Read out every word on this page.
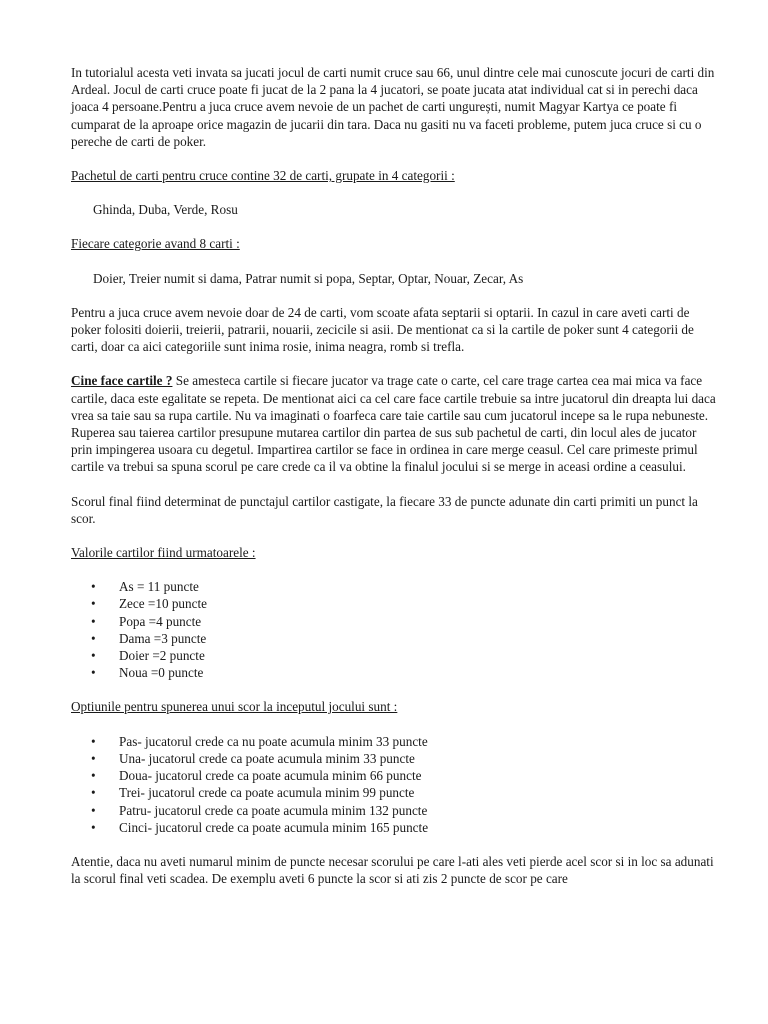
In tutorialul acesta veti invata sa jucati jocul de carti numit cruce sau 66, unul dintre cele mai cunoscute jocuri de carti din Ardeal. Jocul de carti cruce poate fi jucat de la 2 pana la 4 jucatori, se poate jucata atat individual cat si in perechi daca joaca 4 persoane.Pentru a juca cruce avem nevoie de un pachet de carti ungurești, numit Magyar Kartya ce poate fi cumparat de la aproape orice magazin de jucarii din tara. Daca nu gasiti nu va faceti probleme, putem juca cruce si cu o pereche de carti de poker.

Pachetul de carti pentru cruce contine 32 de carti, grupate in 4 categorii :

Ghinda, Duba, Verde, Rosu

Fiecare categorie avand 8 carti :

Doier, Treier numit si dama, Patrar numit si popa, Septar, Optar, Nouar, Zecar, As

Pentru a juca cruce avem nevoie doar de 24 de carti, vom scoate afata septarii si optarii. In cazul in care aveti carti de poker folositi doierii, treierii, patrarii, nouarii, zecicile si asii. De mentionat ca si la cartile de poker sunt 4 categorii de carti, doar ca aici categoriile sunt inima rosie, inima neagra, romb si trefla.

Cine face cartile ? Se amesteca cartile si fiecare jucator va trage cate o carte, cel care trage cartea cea mai mica va face cartile, daca este egalitate se repeta. De mentionat aici ca cel care face cartile trebuie sa intre jucatorul din dreapta lui daca vrea sa taie sau sa rupa cartile. Nu va imaginati o foarfeca care taie cartile sau cum jucatorul incepe sa le rupa nebuneste. Ruperea sau taierea cartilor presupune mutarea cartilor din partea de sus sub pachetul de carti, din locul ales de jucator prin impingerea usoara cu degetul. Impartirea cartilor se face in ordinea in care merge ceasul. Cel care primeste primul cartile va trebui sa spuna scorul pe care crede ca il va obtine la finalul jocului si se merge in aceasi ordine a ceasului.

Scorul final fiind determinat de punctajul cartilor castigate, la fiecare 33 de puncte adunate din carti primiti un punct la scor.

Valorile cartilor fiind urmatoarele :

• As = 11 puncte
• Zece =10 puncte
• Popa =4 puncte
• Dama =3 puncte
• Doier =2 puncte
• Noua =0 puncte

Optiunile pentru spunerea unui scor la inceputul jocului sunt :

• Pas- jucatorul crede ca nu poate acumula minim 33 puncte
• Una- jucatorul crede ca poate acumula minim 33 puncte
• Doua- jucatorul crede ca poate acumula minim 66 puncte
• Trei- jucatorul crede ca poate acumula minim 99 puncte
• Patru- jucatorul crede ca poate acumula minim 132 puncte
• Cinci- jucatorul crede ca poate acumula minim 165 puncte

Atentie, daca nu aveti numarul minim de puncte necesar scorului pe care l-ati ales veti pierde acel scor si in loc sa adunati la scorul final veti scadea. De exemplu aveti 6 puncte la scor si ati zis 2 puncte de scor pe care
